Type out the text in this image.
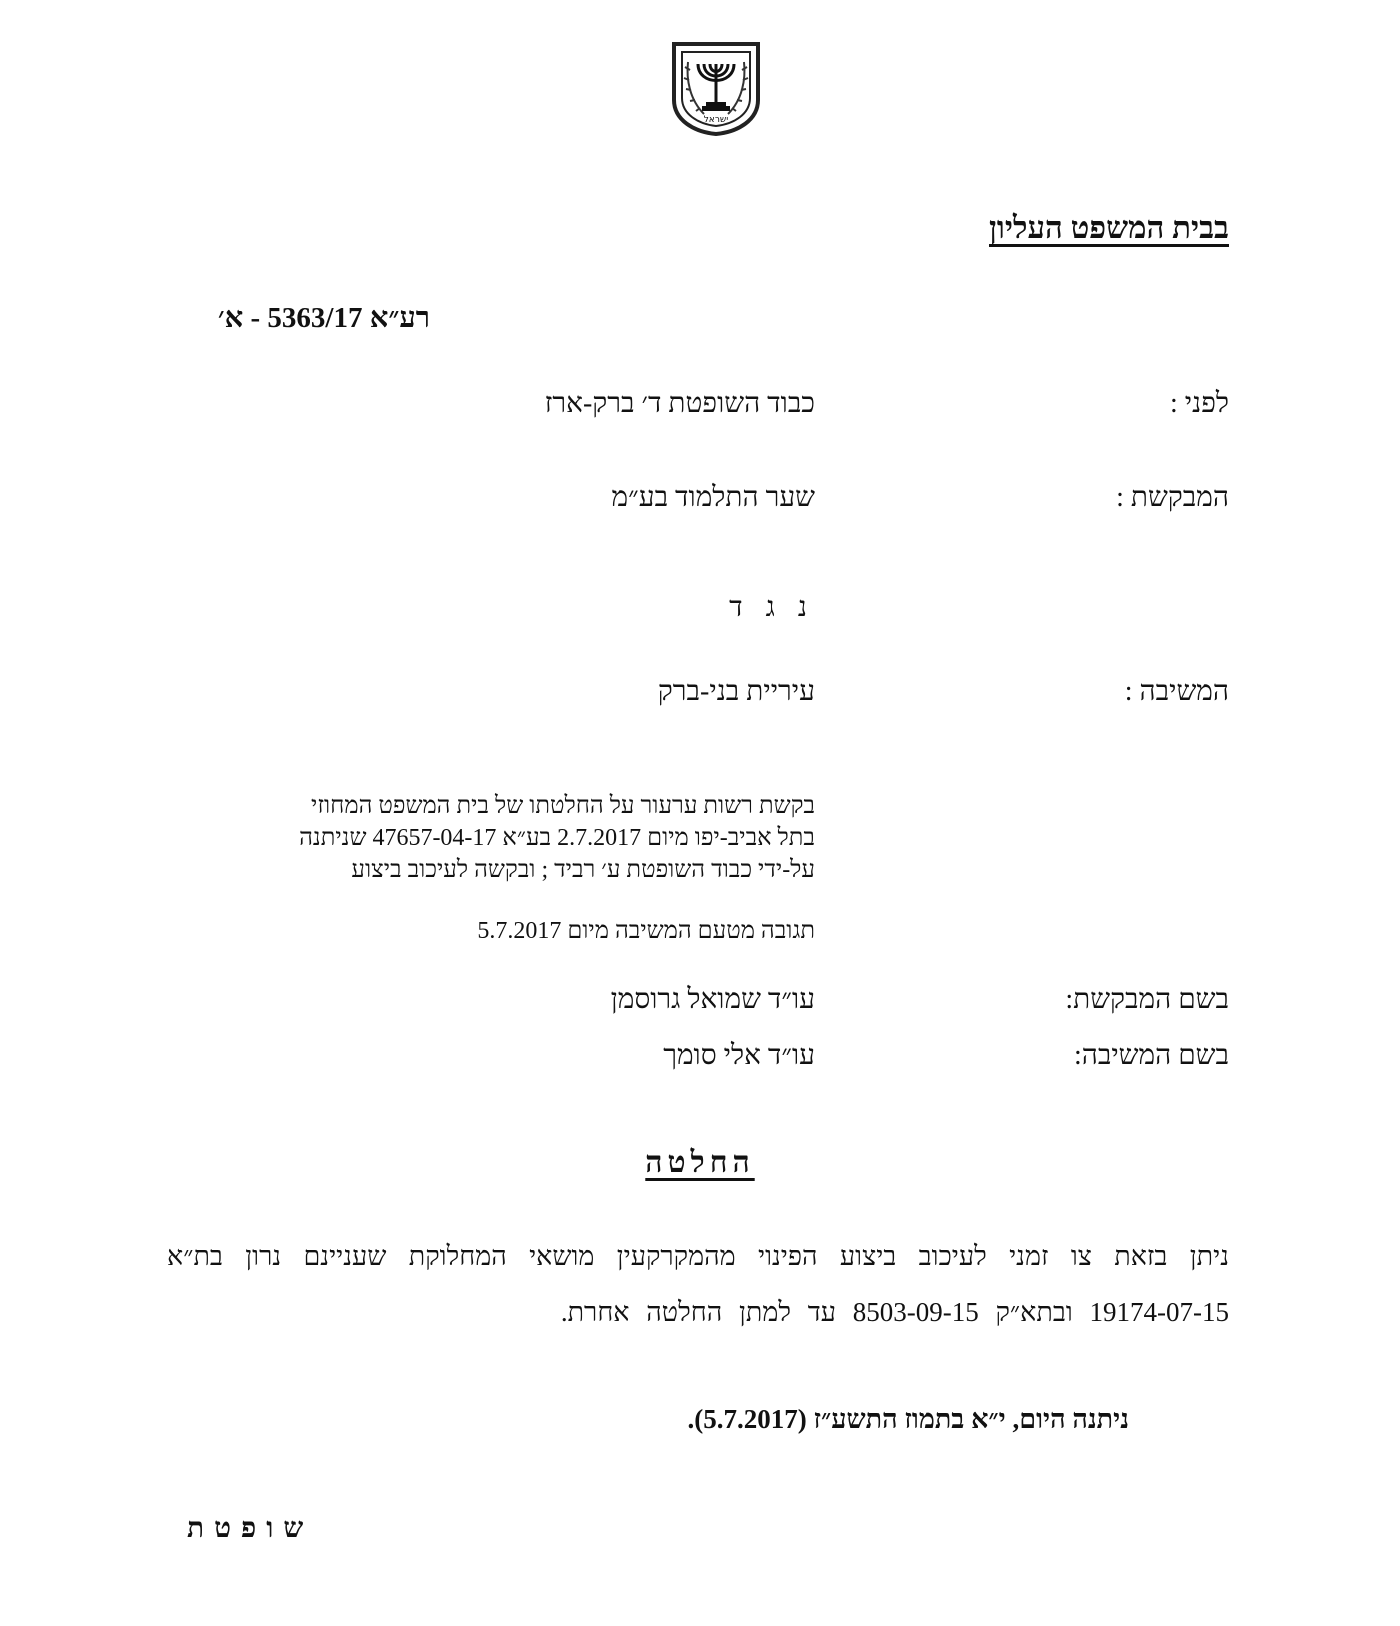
ישראל
בבית המשפט העליון
רע״א 5363/17 - א׳
לפני :
כבוד השופטת ד׳ ברק-ארז
המבקשת :
שער התלמוד בע״מ
נ ג ד
המשיבה :
עיריית בני-ברק
בקשת רשות ערעור על החלטתו של בית המשפט המחוזי
בתל אביב-יפו מיום 2.7.2017 בע״א 47657-04-17 שניתנה
על-ידי כבוד השופטת ע׳ רביד ; ובקשה לעיכוב ביצוע
תגובה מטעם המשיבה מיום 5.7.2017
בשם המבקשת:
עו״ד שמואל גרוסמן
בשם המשיבה:
עו״ד אלי סומך
החלטה
ניתן בזאת צו זמני לעיכוב ביצוע הפינוי מהמקרקעין מושאי המחלוקת שעניינם נרון בת״א 19174-07-15 ובתא״ק 8503-09-15 עד למתן החלטה אחרת.
ניתנה היום, י״א בתמוז התשע״ז (5.7.2017).
שופטת
